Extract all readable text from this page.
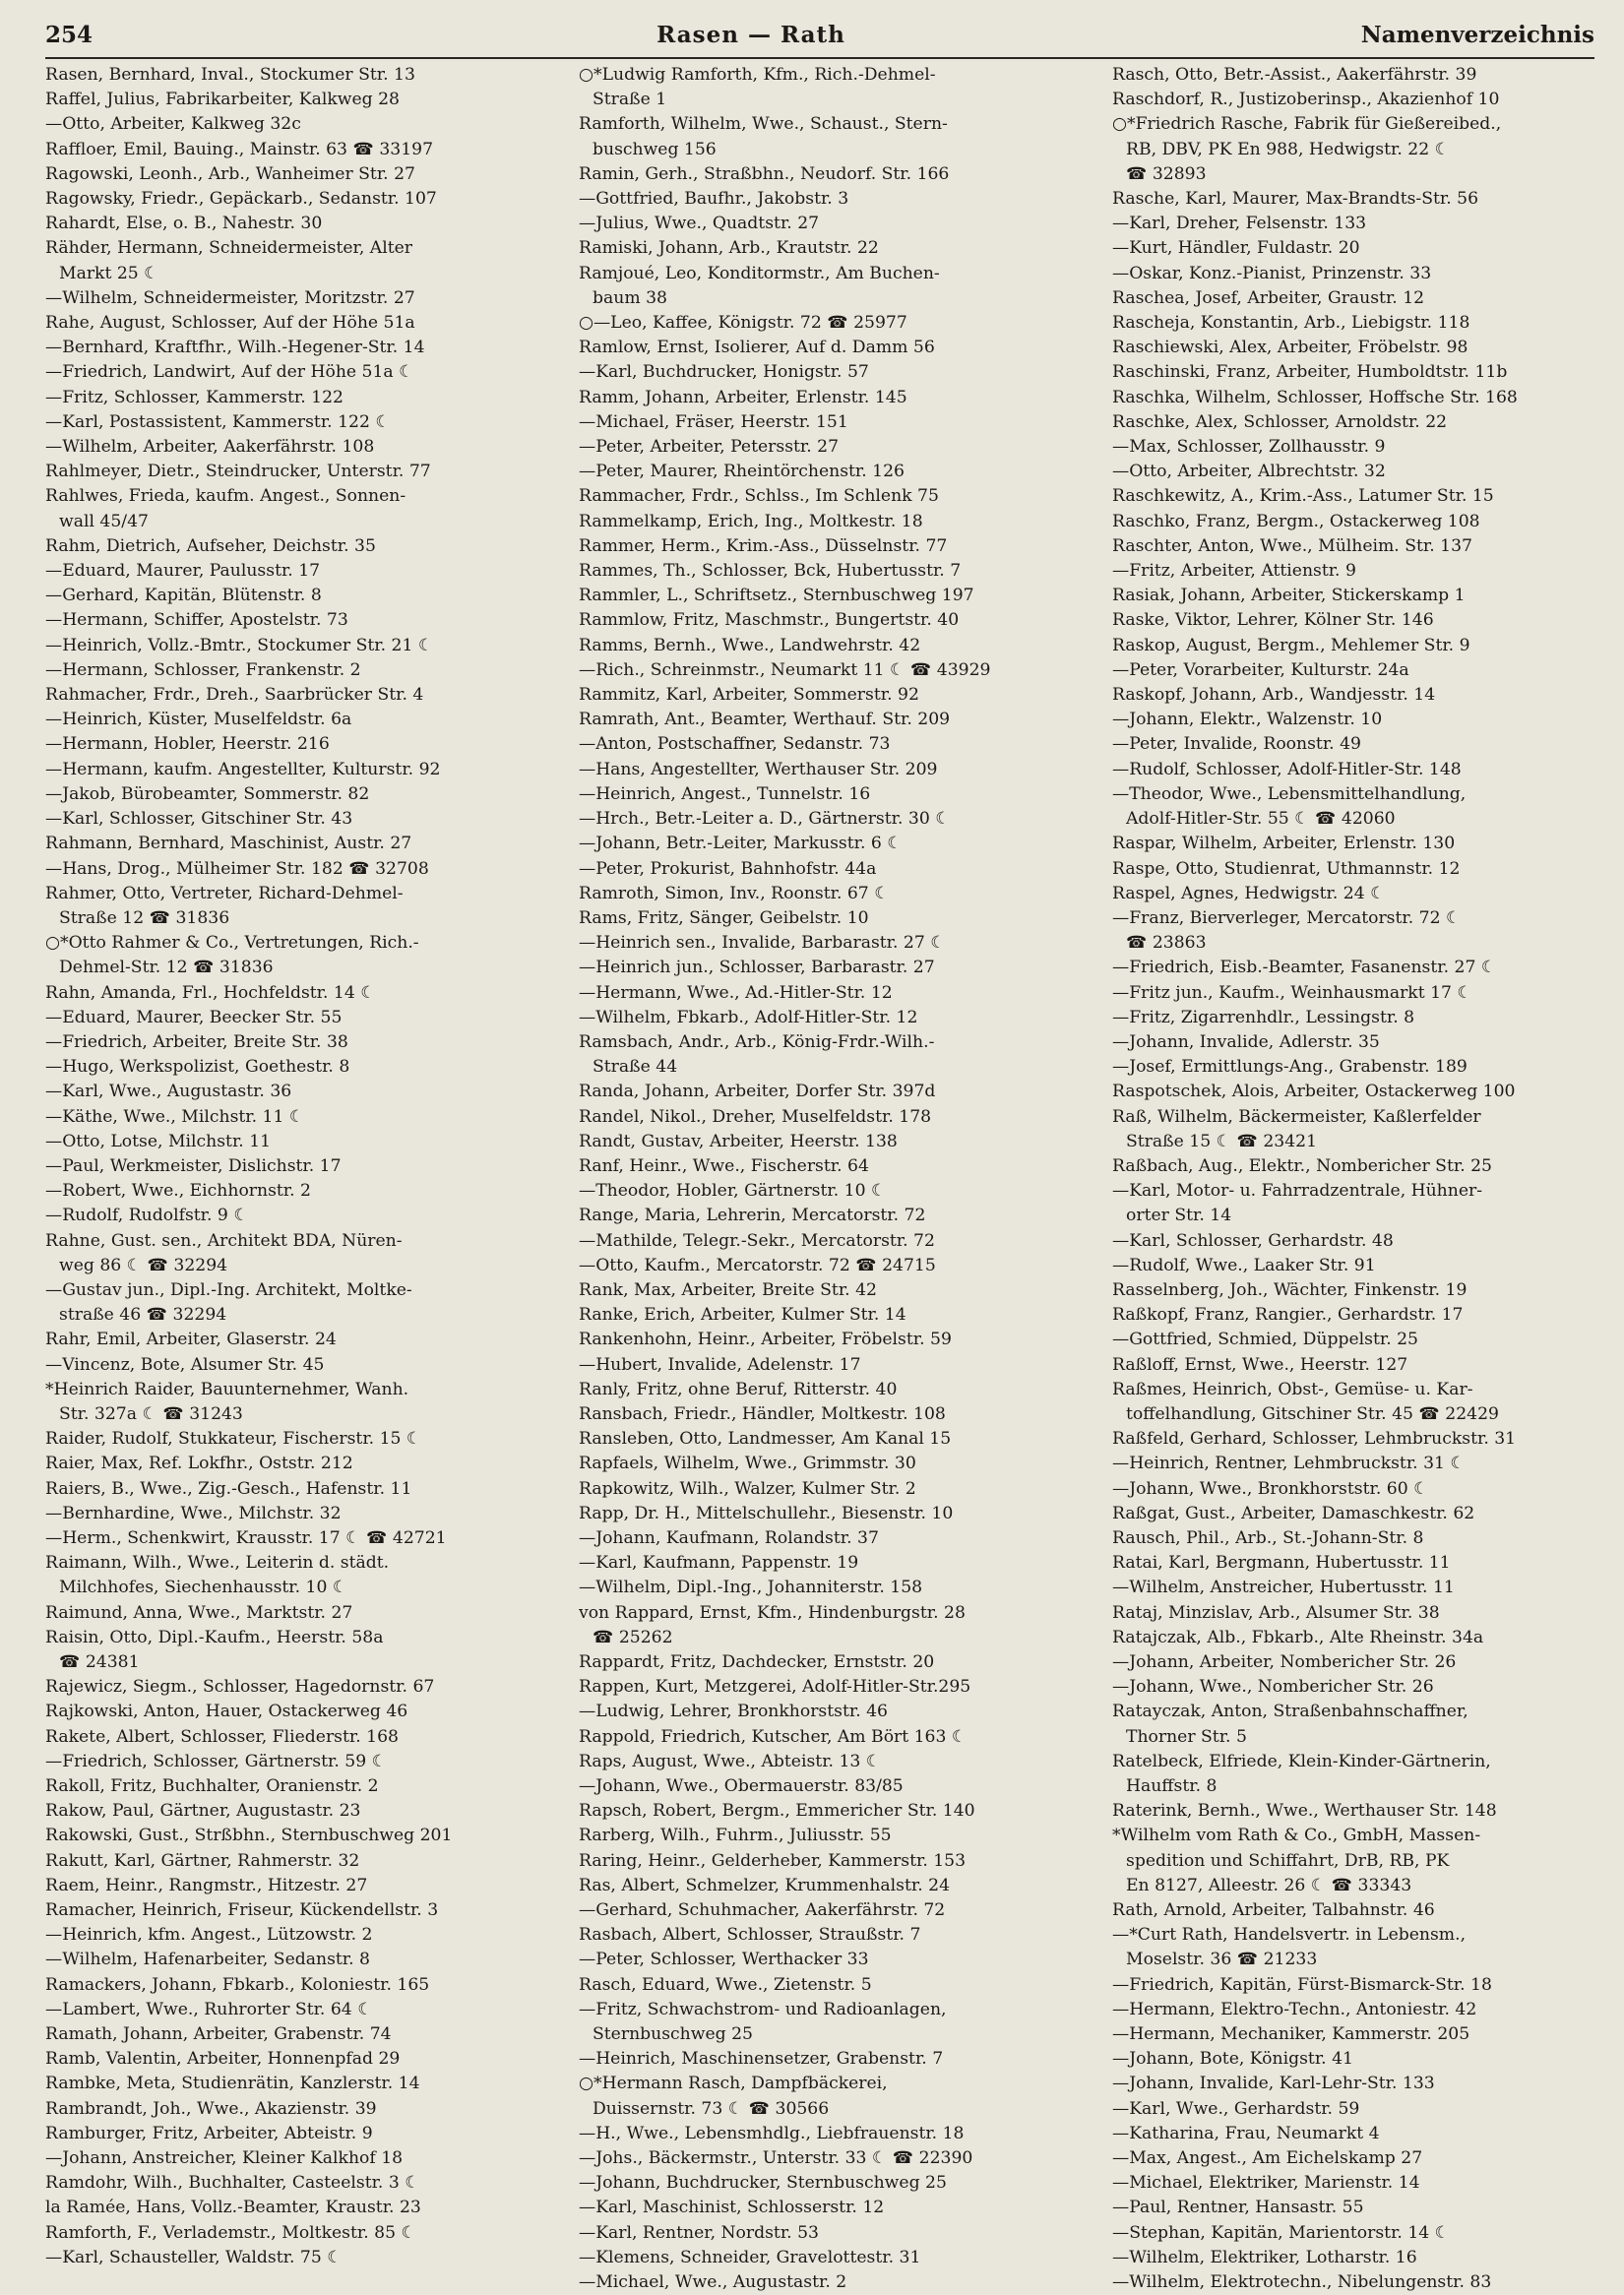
254	Rasen — Rath	Namenverzeichnis
Rasen, Bernhard, Inval., Stockumer Str. 13
Raffel, Julius, Fabrikarbeiter, Kalkweg 28
—Otto, Arbeiter, Kalkweg 32c
Raffloer, Emil, Bauing., Mainstr. 63 ☎ 33197
Ragowski, Leonh., Arb., Wanheimer Str. 27
Ragowsky, Friedr., Gepäckarb., Sedanstr. 107
Rahardt, Else, o. B., Nahestr. 30
Rähder, Hermann, Schneidermeister, Alter
Markt 25 ☾
—Wilhelm, Schneidermeister, Moritzstr. 27
Rahe, August, Schlosser, Auf der Höhe 51a
—Bernhard, Kraftfhr., Wilh.-Hegener-Str. 14
—Friedrich, Landwirt, Auf der Höhe 51a ☾
—Fritz, Schlosser, Kammerstr. 122
—Karl, Postassistent, Kammerstr. 122 ☾
—Wilhelm, Arbeiter, Aakerfährstr. 108
Rahlmeyer, Dietr., Steindrucker, Unterstr. 77
Rahlwes, Frieda, kaufm. Angest., Sonnen-
wall 45/47
Rahm, Dietrich, Aufseher, Deichstr. 35
—Eduard, Maurer, Paulusstr. 17
—Gerhard, Kapitän, Blütenstr. 8
—Hermann, Schiffer, Apostelstr. 73
—Heinrich, Vollz.-Bmtr., Stockumer Str. 21 ☾
—Hermann, Schlosser, Frankenstr. 2
Rahmacher, Frdr., Dreh., Saarbrücker Str. 4
—Heinrich, Küster, Muselfeldstr. 6a
—Hermann, Hobler, Heerstr. 216
—Hermann, kaufm. Angestellter, Kulturstr. 92
—Jakob, Bürobeamter, Sommerstr. 82
—Karl, Schlosser, Gitschiner Str. 43
Rahmann, Bernhard, Maschinist, Austr. 27
—Hans, Drog., Mülheimer Str. 182 ☎ 32708
Rahmer, Otto, Vertreter, Richard-Dehmel-
Straße 12 ☎ 31836
○*Otto Rahmer & Co., Vertretungen, Rich.-
Dehmel-Str. 12 ☎ 31836
Rahn, Amanda, Frl., Hochfeldstr. 14 ☾
—Eduard, Maurer, Beecker Str. 55
—Friedrich, Arbeiter, Breite Str. 38
—Hugo, Werkspolizist, Goethestr. 8
—Karl, Wwe., Augustastr. 36
—Käthe, Wwe., Milchstr. 11 ☾
—Otto, Lotse, Milchstr. 11
—Paul, Werkmeister, Dislichstr. 17
—Robert, Wwe., Eichhornstr. 2
—Rudolf, Rudolfstr. 9 ☾
Rahne, Gust. sen., Architekt BDA, Nüren-
weg 86 ☾ ☎ 32294
—Gustav jun., Dipl.-Ing. Architekt, Moltke-
straße 46 ☎ 32294
Rahr, Emil, Arbeiter, Glaserstr. 24
—Vincenz, Bote, Alsumer Str. 45
*Heinrich Raider, Bauunternehmer, Wanh.
Str. 327a ☾ ☎ 31243
Raider, Rudolf, Stukkateur, Fischerstr. 15 ☾
Raier, Max, Ref. Lokfhr., Oststr. 212
Raiers, B., Wwe., Zig.-Gesch., Hafenstr. 11
—Bernhardine, Wwe., Milchstr. 32
—Herm., Schenkwirt, Krausstr. 17 ☾ ☎ 42721
Raimann, Wilh., Wwe., Leiterin d. städt.
Milchhofes, Siechenhausstr. 10 ☾
Raimund, Anna, Wwe., Marktstr. 27
Raisin, Otto, Dipl.-Kaufm., Heerstr. 58a
☎ 24381
Rajewicz, Siegm., Schlosser, Hagedornstr. 67
Rajkowski, Anton, Hauer, Ostackerweg 46
Rakete, Albert, Schlosser, Fliederstr. 168
—Friedrich, Schlosser, Gärtnerstr. 59 ☾
Rakoll, Fritz, Buchhalter, Oranienstr. 2
Rakow, Paul, Gärtner, Augustastr. 23
Rakowski, Gust., Strßbhn., Sternbuschweg 201
Rakutt, Karl, Gärtner, Rahmerstr. 32
Raem, Heinr., Rangmstr., Hitzestr. 27
Ramacher, Heinrich, Friseur, Kückendellstr. 3
—Heinrich, kfm. Angest., Lützowstr. 2
—Wilhelm, Hafenarbeiter, Sedanstr. 8
Ramackers, Johann, Fbkarb., Koloniestr. 165
—Lambert, Wwe., Ruhrorter Str. 64 ☾
Ramath, Johann, Arbeiter, Grabenstr. 74
Ramb, Valentin, Arbeiter, Honnenpfad 29
Rambke, Meta, Studienrätin, Kanzlerstr. 14
Rambrandt, Joh., Wwe., Akazienstr. 39
Ramburger, Fritz, Arbeiter, Abteistr. 9
—Johann, Anstreicher, Kleiner Kalkhof 18
Ramdohr, Wilh., Buchhalter, Casteelstr. 3 ☾
la Ramée, Hans, Vollz.-Beamter, Kraustr. 23
Ramforth, F., Verlademstr., Moltkestr. 85 ☾
—Karl, Schausteller, Waldstr. 75 ☾
○*Ludwig Ramforth, Kfm., Rich.-Dehmel-
Straße 1
Ramforth, Wilhelm, Wwe., Schaust., Stern-
buschweg 156
Ramin, Gerh., Straßbhn., Neudorf. Str. 166
—Gottfried, Baufhr., Jakobstr. 3
—Julius, Wwe., Quadtstr. 27
Ramiski, Johann, Arb., Krautstr. 22
Ramjoué, Leo, Konditormstr., Am Buchen-
baum 38
○—Leo, Kaffee, Königstr. 72 ☎ 25977
Ramlow, Ernst, Isolierer, Auf d. Damm 56
—Karl, Buchdrucker, Honigstr. 57
Ramm, Johann, Arbeiter, Erlenstr. 145
—Michael, Fräser, Heerstr. 151
—Peter, Arbeiter, Petersstr. 27
—Peter, Maurer, Rheintörchenstr. 126
Rammacher, Frdr., Schlss., Im Schlenk 75
Rammelkamp, Erich, Ing., Moltkestr. 18
Rammer, Herm., Krim.-Ass., Düsselnstr. 77
Rammes, Th., Schlosser, Bck, Hubertusstr. 7
Rammler, L., Schriftsetz., Sternbuschweg 197
Rammlow, Fritz, Maschmstr., Bungertstr. 40
Ramms, Bernh., Wwe., Landwehrstr. 42
—Rich., Schreinmstr., Neumarkt 11 ☾ ☎ 43929
Rammitz, Karl, Arbeiter, Sommerstr. 92
Ramrath, Ant., Beamter, Werthauf. Str. 209
—Anton, Postschaffner, Sedanstr. 73
—Hans, Angestellter, Werthauser Str. 209
—Heinrich, Angest., Tunnelstr. 16
—Hrch., Betr.-Leiter a. D., Gärtnerstr. 30 ☾
—Johann, Betr.-Leiter, Markusstr. 6 ☾
—Peter, Prokurist, Bahnhofstr. 44a
Ramroth, Simon, Inv., Roonstr. 67 ☾
Rams, Fritz, Sänger, Geibelstr. 10
—Heinrich sen., Invalide, Barbarastr. 27 ☾
—Heinrich jun., Schlosser, Barbarastr. 27
—Hermann, Wwe., Ad.-Hitler-Str. 12
—Wilhelm, Fbkarb., Adolf-Hitler-Str. 12
Ramsbach, Andr., Arb., König-Frdr.-Wilh.-
Straße 44
Randa, Johann, Arbeiter, Dorfer Str. 397d
Randel, Nikol., Dreher, Muselfeldstr. 178
Randt, Gustav, Arbeiter, Heerstr. 138
Ranf, Heinr., Wwe., Fischerstr. 64
—Theodor, Hobler, Gärtnerstr. 10 ☾
Range, Maria, Lehrerin, Mercatorstr. 72
—Mathilde, Telegr.-Sekr., Mercatorstr. 72
—Otto, Kaufm., Mercatorstr. 72 ☎ 24715
Rank, Max, Arbeiter, Breite Str. 42
Ranke, Erich, Arbeiter, Kulmer Str. 14
Rankenhohn, Heinr., Arbeiter, Fröbelstr. 59
—Hubert, Invalide, Adelenstr. 17
Ranly, Fritz, ohne Beruf, Ritterstr. 40
Ransbach, Friedr., Händler, Moltkestr. 108
Ransleben, Otto, Landmesser, Am Kanal 15
Rapfaels, Wilhelm, Wwe., Grimmstr. 30
Rapkowitz, Wilh., Walzer, Kulmer Str. 2
Rapp, Dr. H., Mittelschullehr., Biesenstr. 10
—Johann, Kaufmann, Rolandstr. 37
—Karl, Kaufmann, Pappenstr. 19
—Wilhelm, Dipl.-Ing., Johanniterstr. 158
von Rappard, Ernst, Kfm., Hindenburgstr. 28
☎ 25262
Rappardt, Fritz, Dachdecker, Ernststr. 20
Rappen, Kurt, Metzgerei, Adolf-Hitler-Str.295
—Ludwig, Lehrer, Bronkhorststr. 46
Rappold, Friedrich, Kutscher, Am Bört 163 ☾
Raps, August, Wwe., Abteistr. 13 ☾
—Johann, Wwe., Obermauerstr. 83/85
Rapsch, Robert, Bergm., Emmericher Str. 140
Rarberg, Wilh., Fuhrm., Juliusstr. 55
Raring, Heinr., Gelderheber, Kammerstr. 153
Ras, Albert, Schmelzer, Krummenhalstr. 24
—Gerhard, Schuhmacher, Aakerfährstr. 72
Rasbach, Albert, Schlosser, Straußstr. 7
—Peter, Schlosser, Werthacker 33
Rasch, Eduard, Wwe., Zietenstr. 5
—Fritz, Schwachstrom- und Radioanlagen,
Sternbuschweg 25
—Heinrich, Maschinensetzer, Grabenstr. 7
○*Hermann Rasch, Dampfbäckerei,
Duissernstr. 73 ☾ ☎ 30566
—H., Wwe., Lebensmhdlg., Liebfrauenstr. 18
—Johs., Bäckermstr., Unterstr. 33 ☾ ☎ 22390
—Johann, Buchdrucker, Sternbuschweg 25
—Karl, Maschinist, Schlosserstr. 12
—Karl, Rentner, Nordstr. 53
—Klemens, Schneider, Gravelottestr. 31
—Michael, Wwe., Augustastr. 2
Rasch, Otto, Betr.-Assist., Aakerfährstr. 39
Raschdorf, R., Justizoberinsp., Akazienhof 10
○*Friedrich Rasche, Fabrik für Gießereibed.,
RB, DBV, PK En 988, Hedwigstr. 22 ☾
☎ 32893
Rasche, Karl, Maurer, Max-Brandts-Str. 56
—Karl, Dreher, Felsenstr. 133
—Kurt, Händler, Fuldastr. 20
—Oskar, Konz.-Pianist, Prinzenstr. 33
Raschea, Josef, Arbeiter, Graustr. 12
Raschejа, Konstantin, Arb., Liebigstr. 118
Raschiewski, Alex, Arbeiter, Fröbelstr. 98
Raschinski, Franz, Arbeiter, Humboldtstr. 11b
Raschka, Wilhelm, Schlosser, Hoffsche Str. 168
Raschke, Alex, Schlosser, Arnoldstr. 22
—Max, Schlosser, Zollhausstr. 9
—Otto, Arbeiter, Albrechtstr. 32
Raschkewitz, A., Krim.-Ass., Latumer Str. 15
Raschko, Franz, Bergm., Ostackerweg 108
Raschter, Anton, Wwe., Mülheim. Str. 137
—Fritz, Arbeiter, Attienstr. 9
Rasiak, Johann, Arbeiter, Stickerskamp 1
Raske, Viktor, Lehrer, Kölner Str. 146
Raskop, August, Bergm., Mehlemer Str. 9
—Peter, Vorarbeiter, Kulturstr. 24a
Raskopf, Johann, Arb., Wandjesstr. 14
—Johann, Elektr., Walzenstr. 10
—Peter, Invalide, Roonstr. 49
—Rudolf, Schlosser, Adolf-Hitler-Str. 148
—Theodor, Wwe., Lebensmittelhandlung,
Adolf-Hitler-Str. 55 ☾ ☎ 42060
Raspar, Wilhelm, Arbeiter, Erlenstr. 130
Raspe, Otto, Studienrat, Uthmannstr. 12
Raspel, Agnes, Hedwigstr. 24 ☾
—Franz, Bierverleger, Mercatorstr. 72 ☾
☎ 23863
—Friedrich, Eisb.-Beamter, Fasanenstr. 27 ☾
—Fritz jun., Kaufm., Weinhausmarkt 17 ☾
—Fritz, Zigarrenhdlr., Lessingstr. 8
—Johann, Invalide, Adlerstr. 35
—Josef, Ermittlungs-Ang., Grabenstr. 189
Raspotschek, Alois, Arbeiter, Ostackerweg 100
Raß, Wilhelm, Bäckermeister, Kaßlerfelder
Straße 15 ☾ ☎ 23421
Raßbach, Aug., Elektr., Nombericher Str. 25
—Karl, Motor- u. Fahrradzentrale, Hühner-
orter Str. 14
—Karl, Schlosser, Gerhardstr. 48
—Rudolf, Wwe., Laaker Str. 91
Rasselnberg, Joh., Wächter, Finkenstr. 19
Raßkopf, Franz, Rangier., Gerhardstr. 17
—Gottfried, Schmied, Düppelstr. 25
Raßloff, Ernst, Wwe., Heerstr. 127
Raßmes, Heinrich, Obst-, Gemüse- u. Kar-
toffelhandlung, Gitschiner Str. 45 ☎ 22429
Raßfeld, Gerhard, Schlosser, Lehmbruckstr. 31
—Heinrich, Rentner, Lehmbruckstr. 31 ☾
—Johann, Wwe., Bronkhorststr. 60 ☾
Raßgat, Gust., Arbeiter, Damaschkestr. 62
Rausch, Phil., Arb., St.-Johann-Str. 8
Ratai, Karl, Bergmann, Hubertusstr. 11
—Wilhelm, Anstreicher, Hubertusstr. 11
Rataj, Minzislav, Arb., Alsumer Str. 38
Ratajczak, Alb., Fbkarb., Alte Rheinstr. 34a
—Johann, Arbeiter, Nombericher Str. 26
—Johann, Wwe., Nombericher Str. 26
Ratayczak, Anton, Straßenbahnschaffner,
Thorner Str. 5
Ratelbeck, Elfriede, Klein-Kinder-Gärtnerin,
Hauffstr. 8
Raterink, Bernh., Wwe., Werthauser Str. 148
*Wilhelm vom Rath & Co., GmbH, Massen-
spedition und Schiffahrt, DrB, RB, PK
En 8127, Alleestr. 26 ☾ ☎ 33343
Rath, Arnold, Arbeiter, Talbahnstr. 46
—*Curt Rath, Handelsvertr. in Lebensm.,
Moselstr. 36 ☎ 21233
—Friedrich, Kapitän, Fürst-Bismarck-Str. 18
—Hermann, Elektro-Techn., Antoniestr. 42
—Hermann, Mechaniker, Kammerstr. 205
—Johann, Bote, Königstr. 41
—Johann, Invalide, Karl-Lehr-Str. 133
—Karl, Wwe., Gerhardstr. 59
—Katharina, Frau, Neumarkt 4
—Max, Angest., Am Eichelskamp 27
—Michael, Elektriker, Marienstr. 14
—Paul, Rentner, Hansastr. 55
—Stephan, Kapitän, Marientorstr. 14 ☾
—Wilhelm, Elektriker, Lotharstr. 16
—Wilhelm, Elektrotechn., Nibelungenstr. 83
